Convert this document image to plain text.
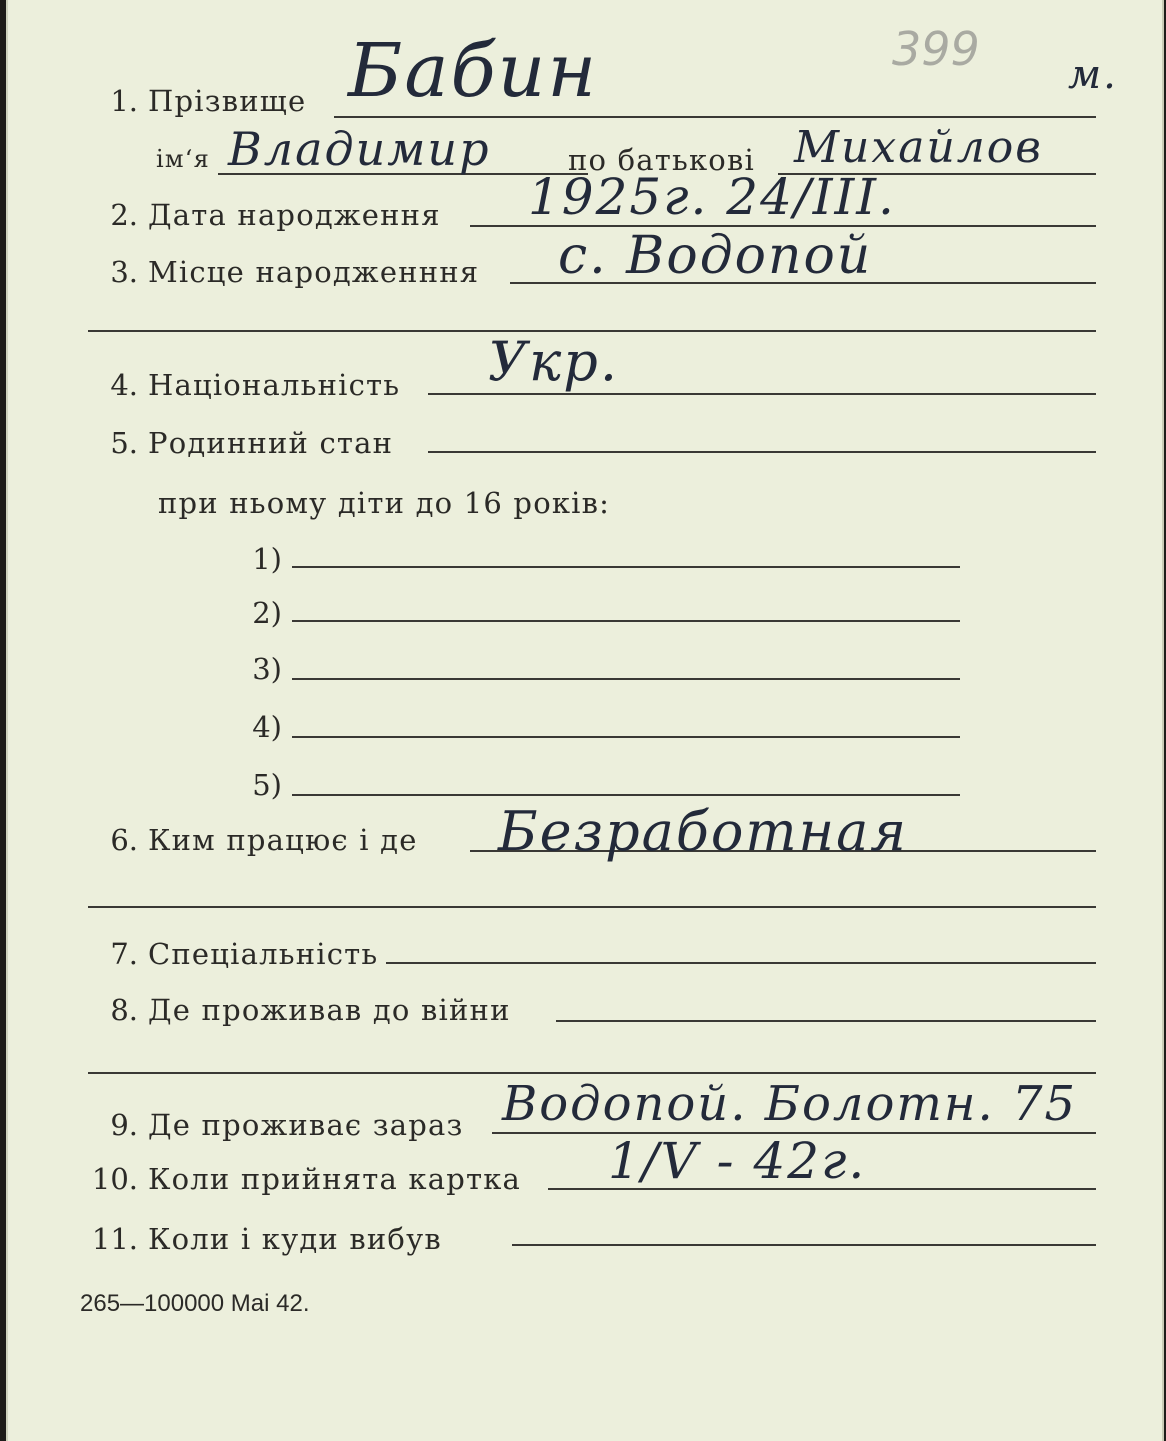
399 м.
1. Прізвище Бабин
ім‘я Владимир	по батькові Михайлов
2. Дата народження 1925г. 24/III.
3. Місце народженння с. Водопой
4. Національність Укр.
5. Родинний стан
при ньому діти до 16 років:
1)
2)
3)
4)
5)
6. Ким працює і де Безработная
7. Спеціальність
8. Де проживав до війни
9. Де проживає зараз Водопой. Болотн. 75
10. Коли прийнята картка 1/V - 42г.
11. Коли і куди вибув
265—100000 Mai 42.
